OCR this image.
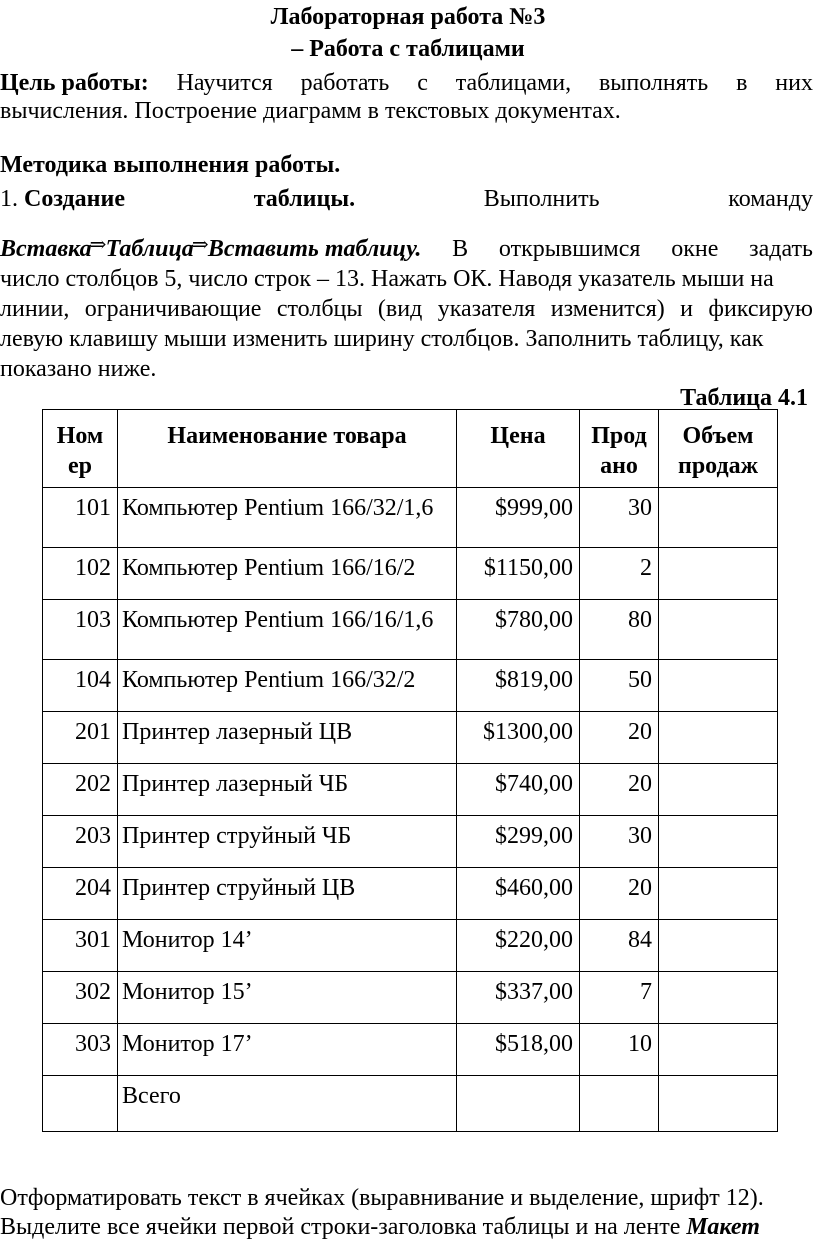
Лабораторная работа №3
– Работа с таблицами
Цель работы: Научится работать с таблицами, выполнять в них
вычисления. Построение диаграмм в текстовых документах.
Методика выполнения работы.
1. Создание	таблицы.	Выполнить	команду
Вставка
⇒ Таблица
⇒ Вставить таблицу. В открывшимся окне задать
число столбцов 5, число строк – 13. Нажать ОК. Наводя указатель мыши на
линии, ограничивающие столбцы (вид указателя изменится) и фиксирую
левую клавишу мыши изменить ширину столбцов. Заполнить таблицу, как
показано ниже.
Таблица 4.1
Ном ер	Наименование товара	Цена	Прод ано	Объем продаж
101	Компьютер Pentium 166/32/1,6	$999,00	30	
102	Компьютер Pentium 166/16/2	$1150,00	2	
103	Компьютер Pentium 166/16/1,6	$780,00	80	
104	Компьютер Pentium 166/32/2	$819,00	50	
201	Принтер лазерный ЦВ	$1300,00	20	
202	Принтер лазерный ЧБ	$740,00	20	
203	Принтер струйный ЧБ	$299,00	30	
204	Принтер струйный ЦВ	$460,00	20	
301	Монитор 14’	$220,00	84	
302	Монитор 15’	$337,00	7	
303	Монитор 17’	$518,00	10	
	Всего			
Отформатировать текст в ячейках (выравнивание и выделение, шрифт 12).
Выделите все ячейки первой строки-заголовка таблицы и на ленте Макет
